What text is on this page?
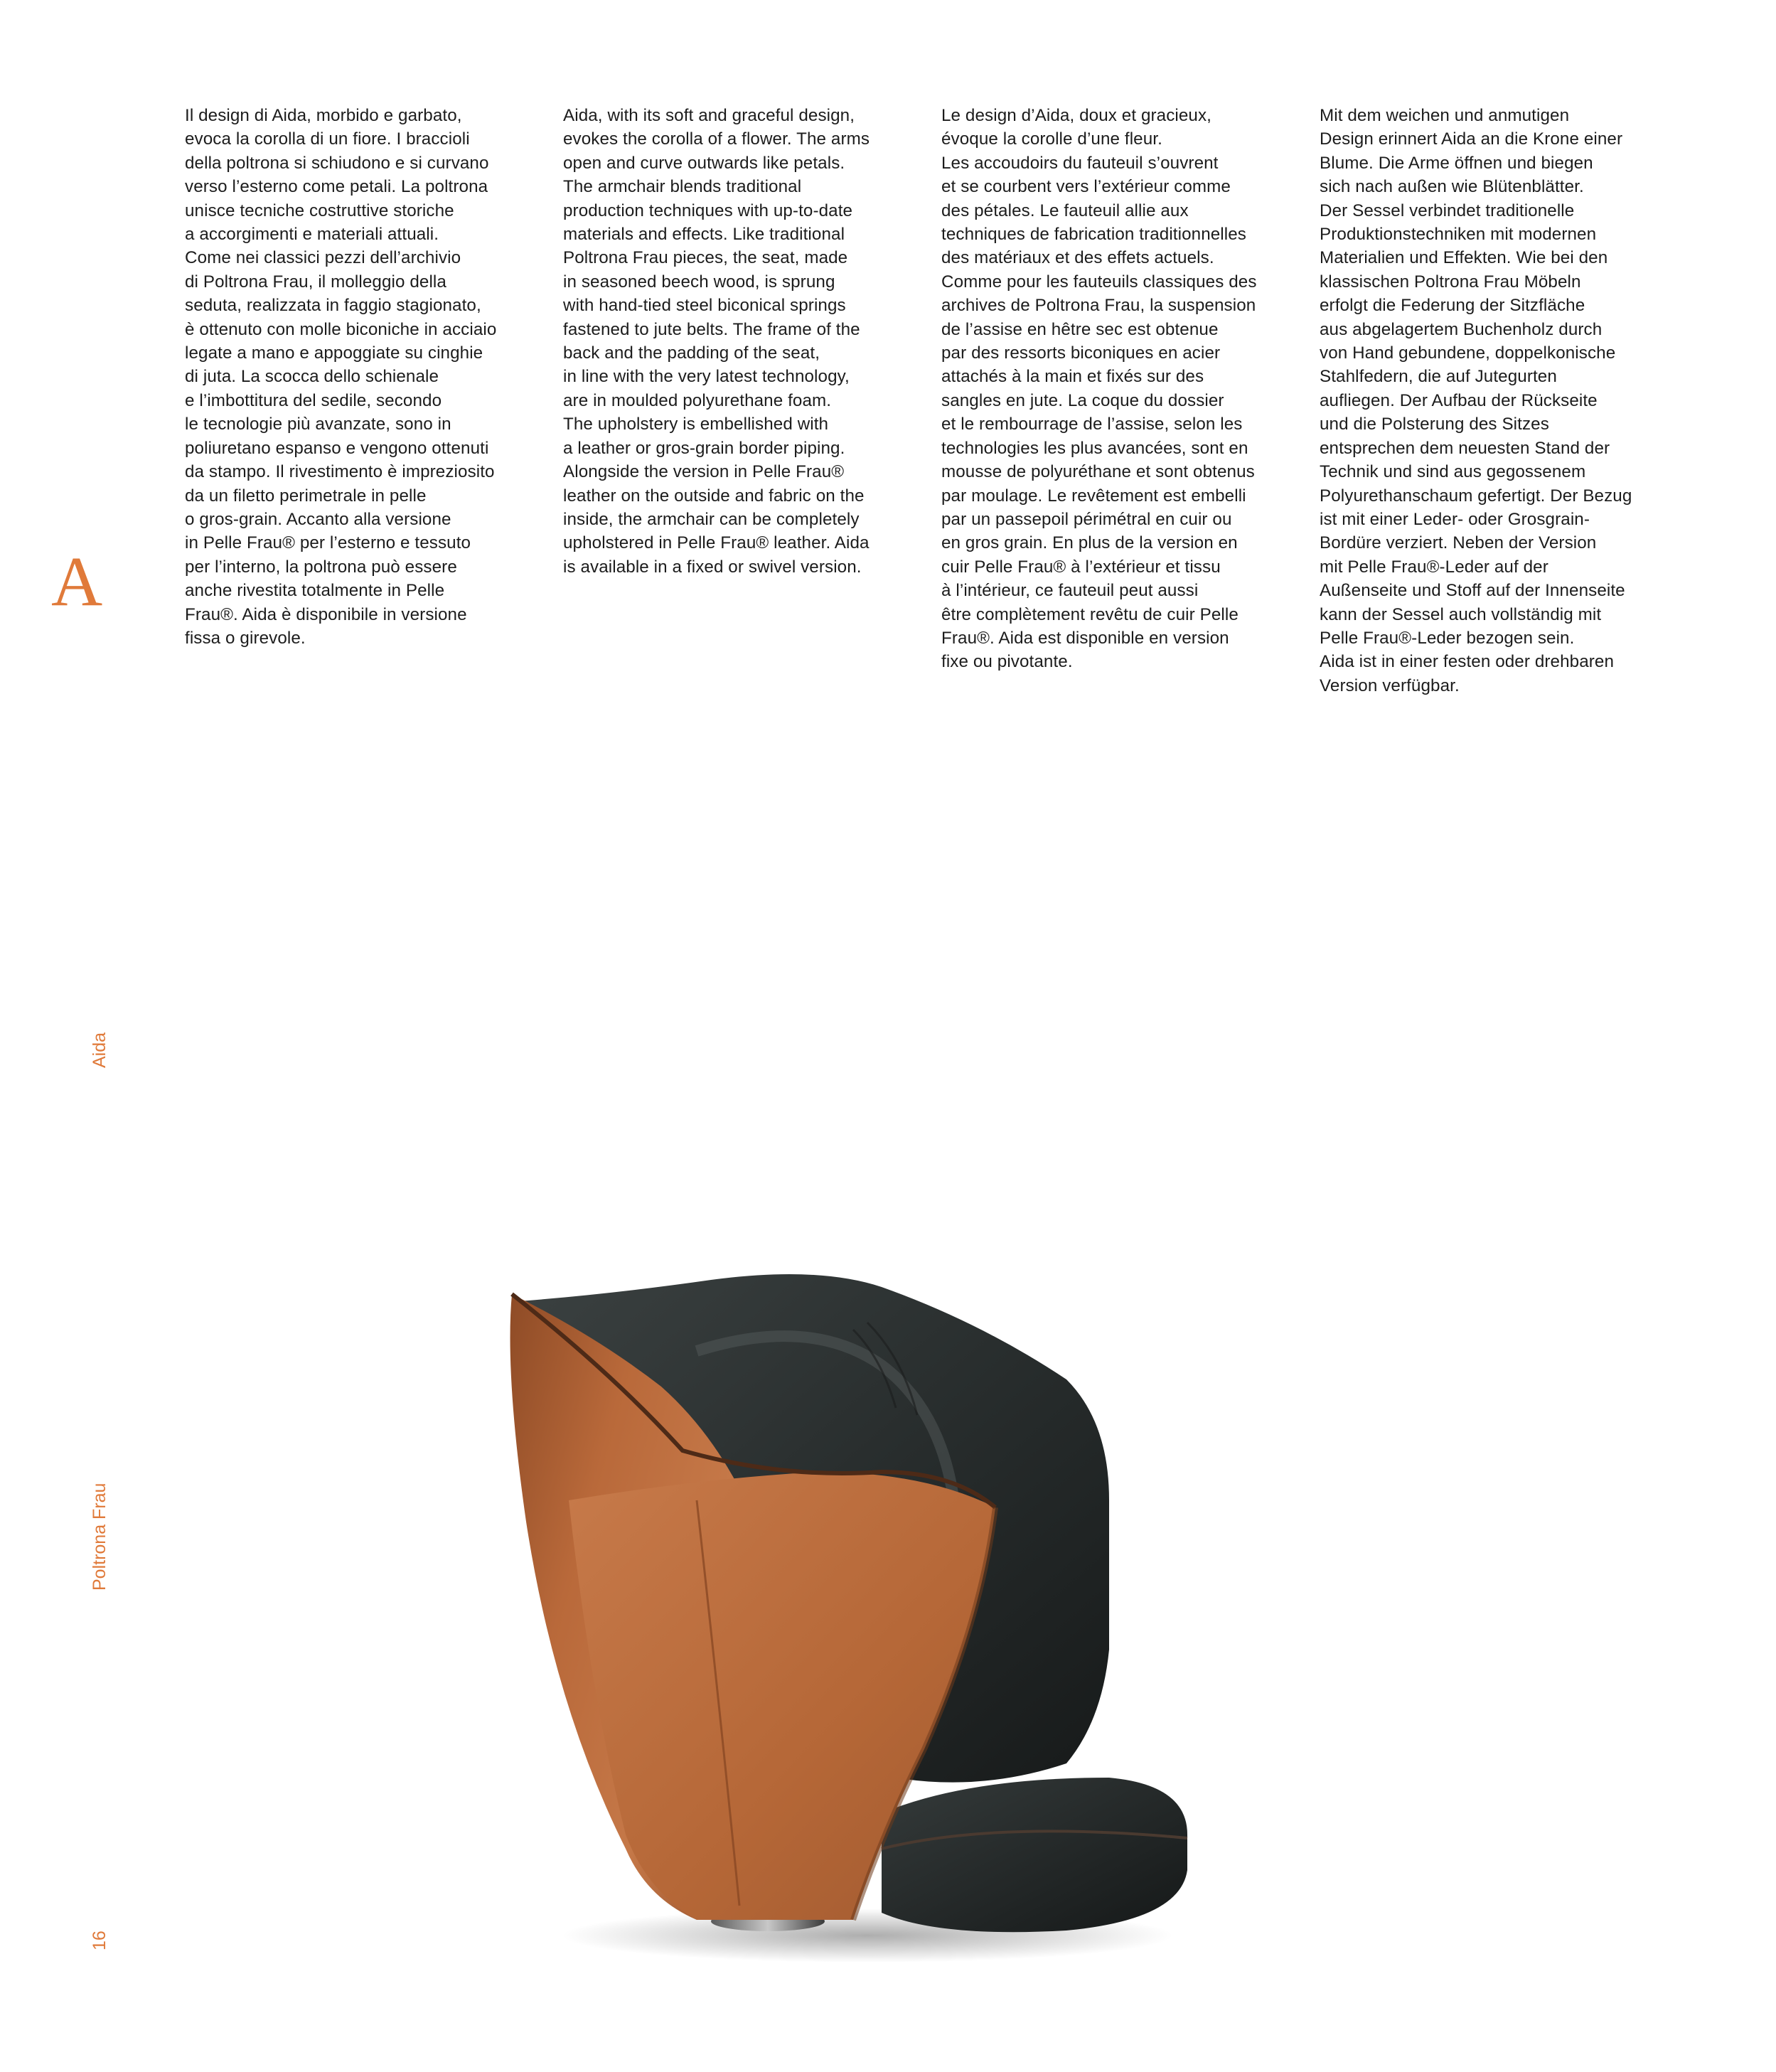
Il design di Aida, morbido e garbato,

evoca la corolla di un fiore. I braccioli

della poltrona si schiudono e si curvano

verso l’esterno come petali. La poltrona

unisce tecniche costruttive storiche

a accorgimenti e materiali attuali.

Come nei classici pezzi dell’archivio

di Poltrona Frau, il molleggio della

seduta, realizzata in faggio stagionato,

è ottenuto con molle biconiche in acciaio

legate a mano e appoggiate su cinghie

di juta. La scocca dello schienale

e l’imbottitura del sedile, secondo

le tecnologie più avanzate, sono in

poliuretano espanso e vengono ottenuti

da stampo. Il rivestimento è impreziosito

da un filetto perimetrale in pelle

o gros-grain. Accanto alla versione

in Pelle Frau® per l’esterno e tessuto

per l’interno, la poltrona può essere

anche rivestita totalmente in Pelle

Frau®. Aida è disponibile in versione

fissa o girevole.

Aida, with its soft and graceful design,

evokes the corolla of a flower. The arms

open and curve outwards like petals.

The armchair blends traditional

production techniques with up-to-date

materials and effects. Like traditional

Poltrona Frau pieces, the seat, made

in seasoned beech wood, is sprung

with hand-tied steel biconical springs

fastened to jute belts. The frame of the

back and the padding of the seat,

in line with the very latest technology,

are in moulded polyurethane foam.

The upholstery is embellished with

a leather or gros-grain border piping.

Alongside the version in Pelle Frau®

leather on the outside and fabric on the

inside, the armchair can be completely

upholstered in Pelle Frau® leather. Aida

is available in a fixed or swivel version.

Le design d’Aida, doux et gracieux,

évoque la corolle d’une fleur.

Les accoudoirs du fauteuil s’ouvrent

et se courbent vers l’extérieur comme

des pétales. Le fauteuil allie aux

techniques de fabrication traditionnelles

des matériaux et des effets actuels.

Comme pour les fauteuils classiques des

archives de Poltrona Frau, la suspension

de l’assise en hêtre sec est obtenue

par des ressorts biconiques en acier

attachés à la main et fixés sur des

sangles en jute. La coque du dossier

et le rembourrage de l’assise, selon les

technologies les plus avancées, sont en

mousse de polyuréthane et sont obtenus

par moulage. Le revêtement est embelli

par un passepoil périmétral en cuir ou

en gros grain. En plus de la version en

cuir Pelle Frau® à l’extérieur et tissu

à l’intérieur, ce fauteuil peut aussi

être complètement revêtu de cuir Pelle

Frau®. Aida est disponible en version

fixe ou pivotante.

Mit dem weichen und anmutigen

Design erinnert Aida an die Krone einer

Blume. Die Arme öffnen und biegen

sich nach außen wie Blütenblätter.

Der Sessel verbindet traditionelle

Produktionstechniken mit modernen

Materialien und Effekten. Wie bei den

klassischen Poltrona Frau Möbeln

erfolgt die Federung der Sitzfläche

aus abgelagertem Buchenholz durch

von Hand gebundene, doppelkonische

Stahlfedern, die auf Jutegurten

aufliegen. Der Aufbau der Rückseite

und die Polsterung des Sitzes

entsprechen dem neuesten Stand der

Technik und sind aus gegossenem

Polyurethanschaum gefertigt. Der Bezug

ist mit einer Leder- oder Grosgrain-

Bordüre verziert. Neben der Version

mit Pelle Frau®-Leder auf der

Außenseite und Stoff auf der Innenseite

kann der Sessel auch vollständig mit

Pelle Frau®-Leder bezogen sein.

Aida ist in einer festen oder drehbaren

Version verfügbar.

A
Aida
Poltrona Frau
16
